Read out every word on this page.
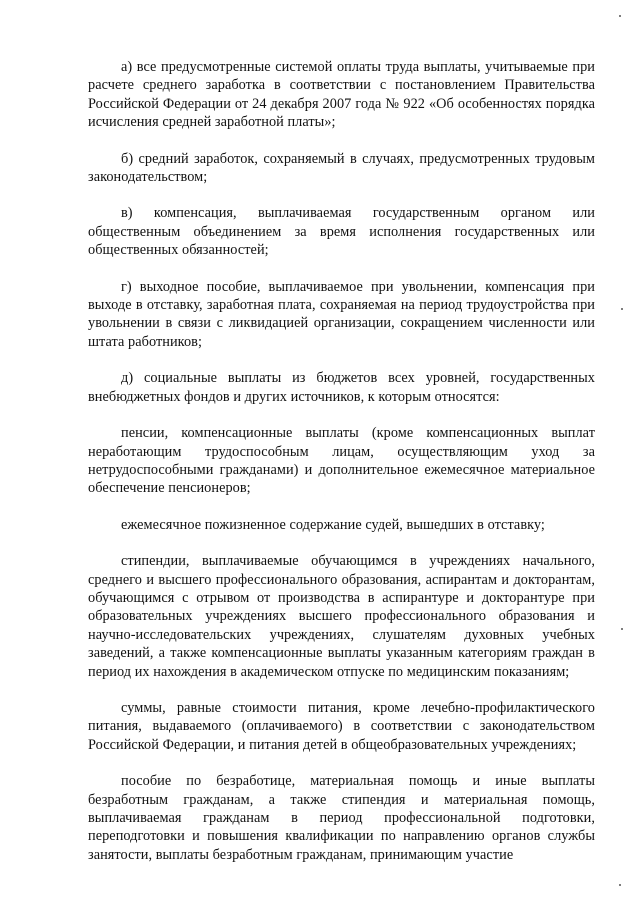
а) все предусмотренные системой оплаты труда выплаты, учитываемые при расчете среднего заработка в соответствии с постановлением Правительства Российской Федерации от 24 декабря 2007 года № 922 «Об особенностях порядка исчисления средней заработной платы»;

б) средний заработок, сохраняемый в случаях, предусмотренных трудовым законодательством;

в) компенсация, выплачиваемая государственным органом или общественным объединением за время исполнения государственных или общественных обязанностей;

г) выходное пособие, выплачиваемое при увольнении, компенсация при выходе в отставку, заработная плата, сохраняемая на период трудоустройства при увольнении в связи с ликвидацией организации, сокращением численности или штата работников;

д) социальные выплаты из бюджетов всех уровней, государственных внебюджетных фондов и других источников, к которым относятся:

пенсии, компенсационные выплаты (кроме компенсационных выплат неработающим трудоспособным лицам, осуществляющим уход за нетрудоспособными гражданами) и дополнительное ежемесячное материальное обеспечение пенсионеров;

ежемесячное пожизненное содержание судей, вышедших в отставку;

стипендии, выплачиваемые обучающимся в учреждениях начального, среднего и высшего профессионального образования, аспирантам и докторантам, обучающимся с отрывом от производства в аспирантуре и докторантуре при образовательных учреждениях высшего профессионального образования и научно-исследовательских учреждениях, слушателям духовных учебных заведений, а также компенсационные выплаты указанным категориям граждан в период их нахождения в академическом отпуске по медицинским показаниям;

суммы, равные стоимости питания, кроме лечебно-профилактического питания, выдаваемого (оплачиваемого) в соответствии с законодательством Российской Федерации, и питания детей в общеобразовательных учреждениях;

пособие по безработице, материальная помощь и иные выплаты безработным гражданам, а также стипендия и материальная помощь, выплачиваемая гражданам в период профессиональной подготовки, переподготовки и повышения квалификации по направлению органов службы занятости, выплаты безработным гражданам, принимающим участие
